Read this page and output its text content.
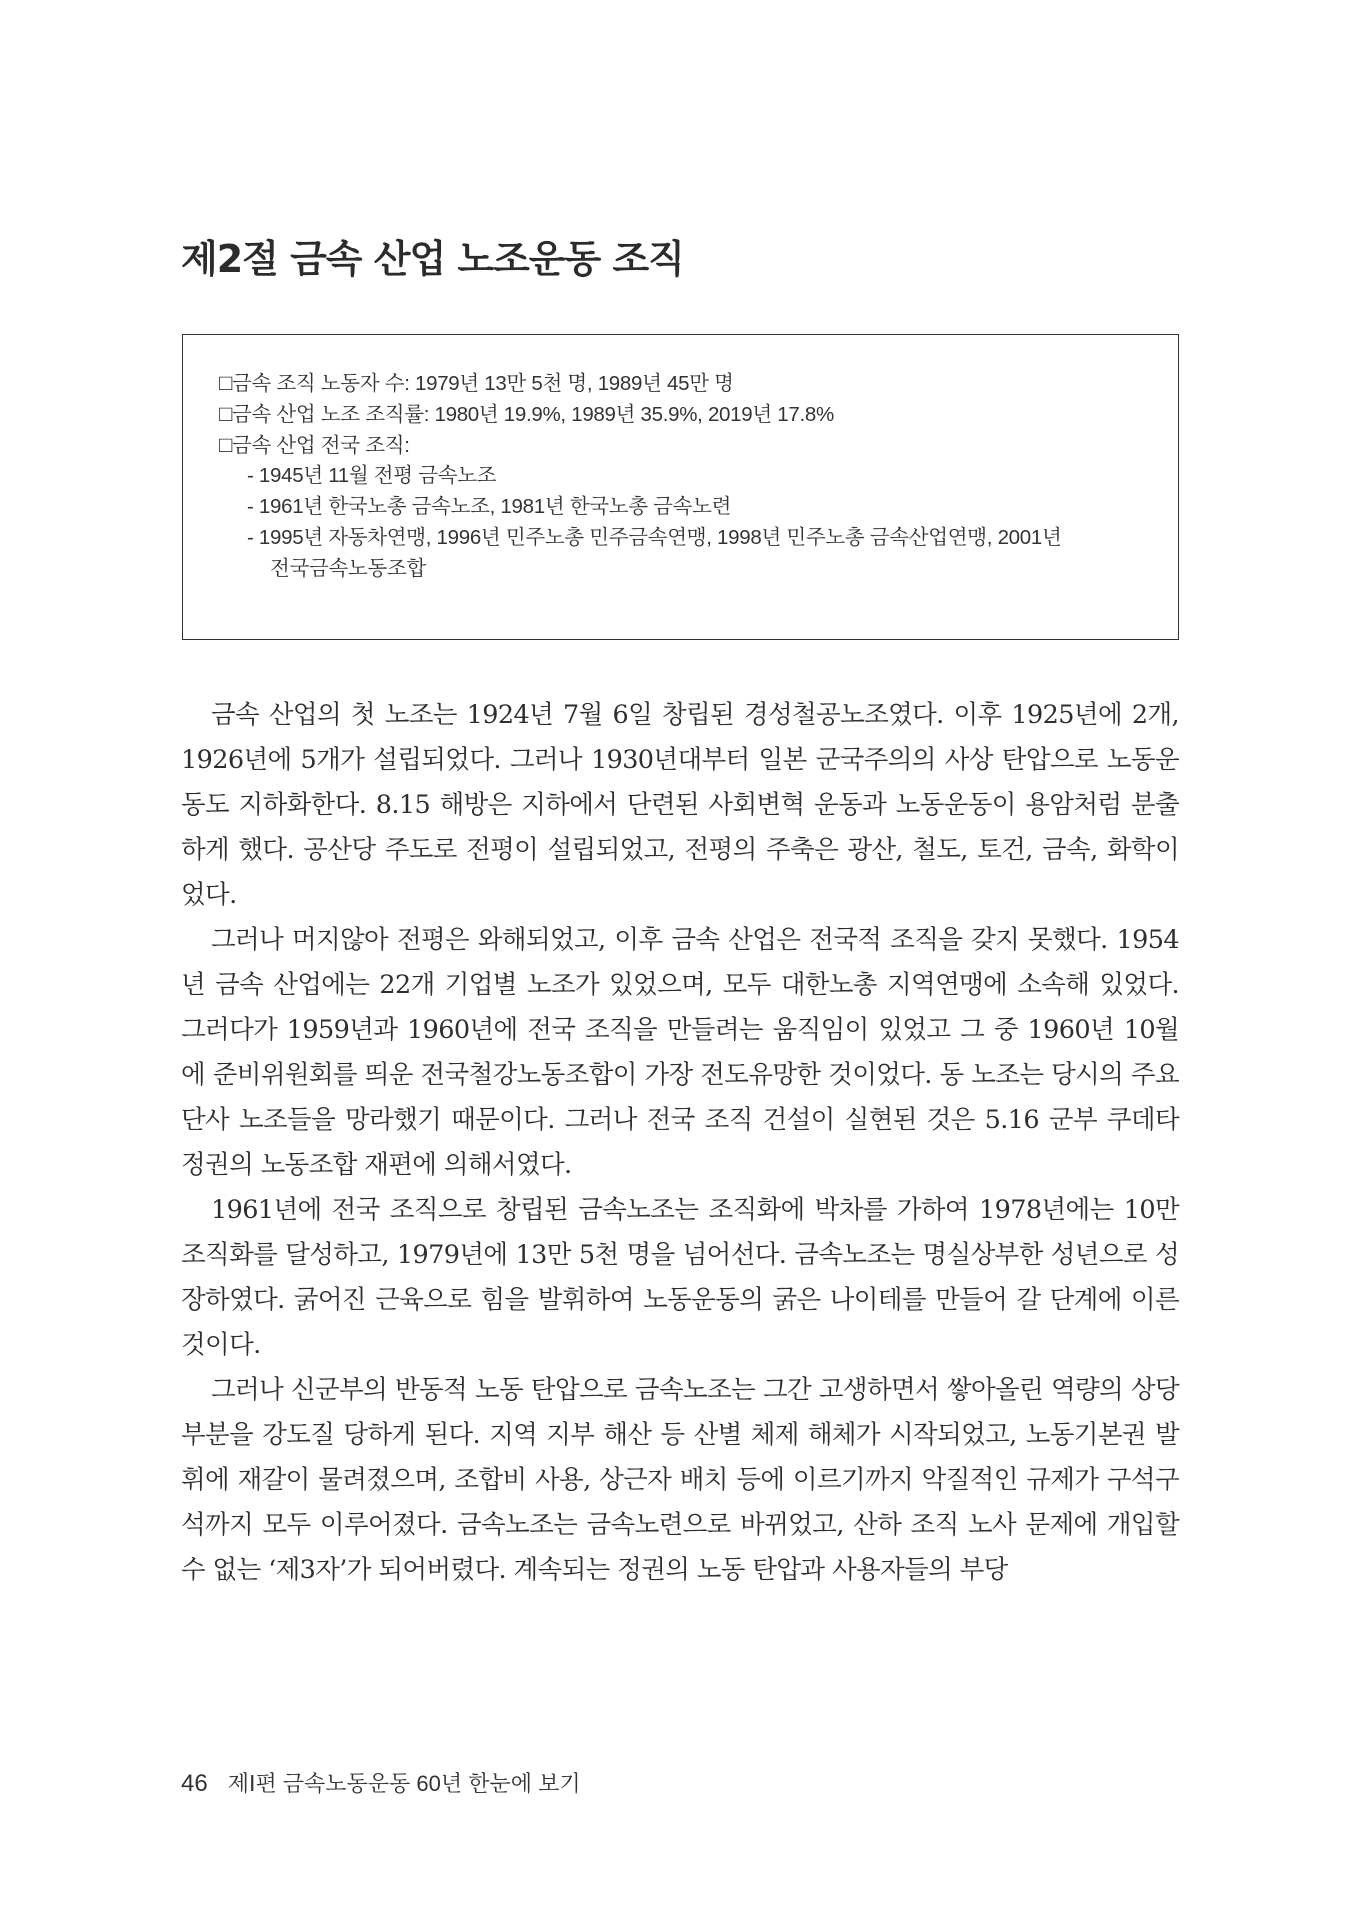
제2절 금속 산업 노조운동 조직
□금속 조직 노동자 수: 1979년 13만 5천 명, 1989년 45만 명
□금속 산업 노조 조직률: 1980년 19.9%, 1989년 35.9%, 2019년 17.8%
□금속 산업 전국 조직:
- 1945년 11월 전평 금속노조
- 1961년 한국노총 금속노조, 1981년 한국노총 금속노련
- 1995년 자동차연맹, 1996년 민주노총 민주금속연맹, 1998년 민주노총 금속산업연맹, 2001년
전국금속노동조합

금속 산업의 첫 노조는 1924년 7월 6일 창립된 경성철공노조였다. 이후 1925년에 2개, 1926년에 5개가 설립되었다. 그러나 1930년대부터 일본 군국주의의 사상 탄압으로 노동운동도 지하화한다. 8.15 해방은 지하에서 단련된 사회변혁 운동과 노동운동이 용암처럼 분출하게 했다. 공산당 주도로 전평이 설립되었고, 전평의 주축은 광산, 철도, 토건, 금속, 화학이었다.

그러나 머지않아 전평은 와해되었고, 이후 금속 산업은 전국적 조직을 갖지 못했다. 1954년 금속 산업에는 22개 기업별 노조가 있었으며, 모두 대한노총 지역연맹에 소속해 있었다. 그러다가 1959년과 1960년에 전국 조직을 만들려는 움직임이 있었고 그 중 1960년 10월에 준비위원회를 띄운 전국철강노동조합이 가장 전도유망한 것이었다. 동 노조는 당시의 주요 단사 노조들을 망라했기 때문이다. 그러나 전국 조직 건설이 실현된 것은 5.16 군부 쿠데타 정권의 노동조합 재편에 의해서였다.

1961년에 전국 조직으로 창립된 금속노조는 조직화에 박차를 가하여 1978년에는 10만 조직화를 달성하고, 1979년에 13만 5천 명을 넘어선다. 금속노조는 명실상부한 성년으로 성장하였다. 굵어진 근육으로 힘을 발휘하여 노동운동의 굵은 나이테를 만들어 갈 단계에 이른 것이다.

그러나 신군부의 반동적 노동 탄압으로 금속노조는 그간 고생하면서 쌓아올린 역량의 상당 부분을 강도질 당하게 된다. 지역 지부 해산 등 산별 체제 해체가 시작되었고, 노동기본권 발휘에 재갈이 물려졌으며, 조합비 사용, 상근자 배치 등에 이르기까지 악질적인 규제가 구석구석까지 모두 이루어졌다. 금속노조는 금속노련으로 바뀌었고, 산하 조직 노사 문제에 개입할 수 없는 ‘제3자’가 되어버렸다. 계속되는 정권의 노동 탄압과 사용자들의 부당

46 제Ⅰ편 금속노동운동 60년 한눈에 보기
